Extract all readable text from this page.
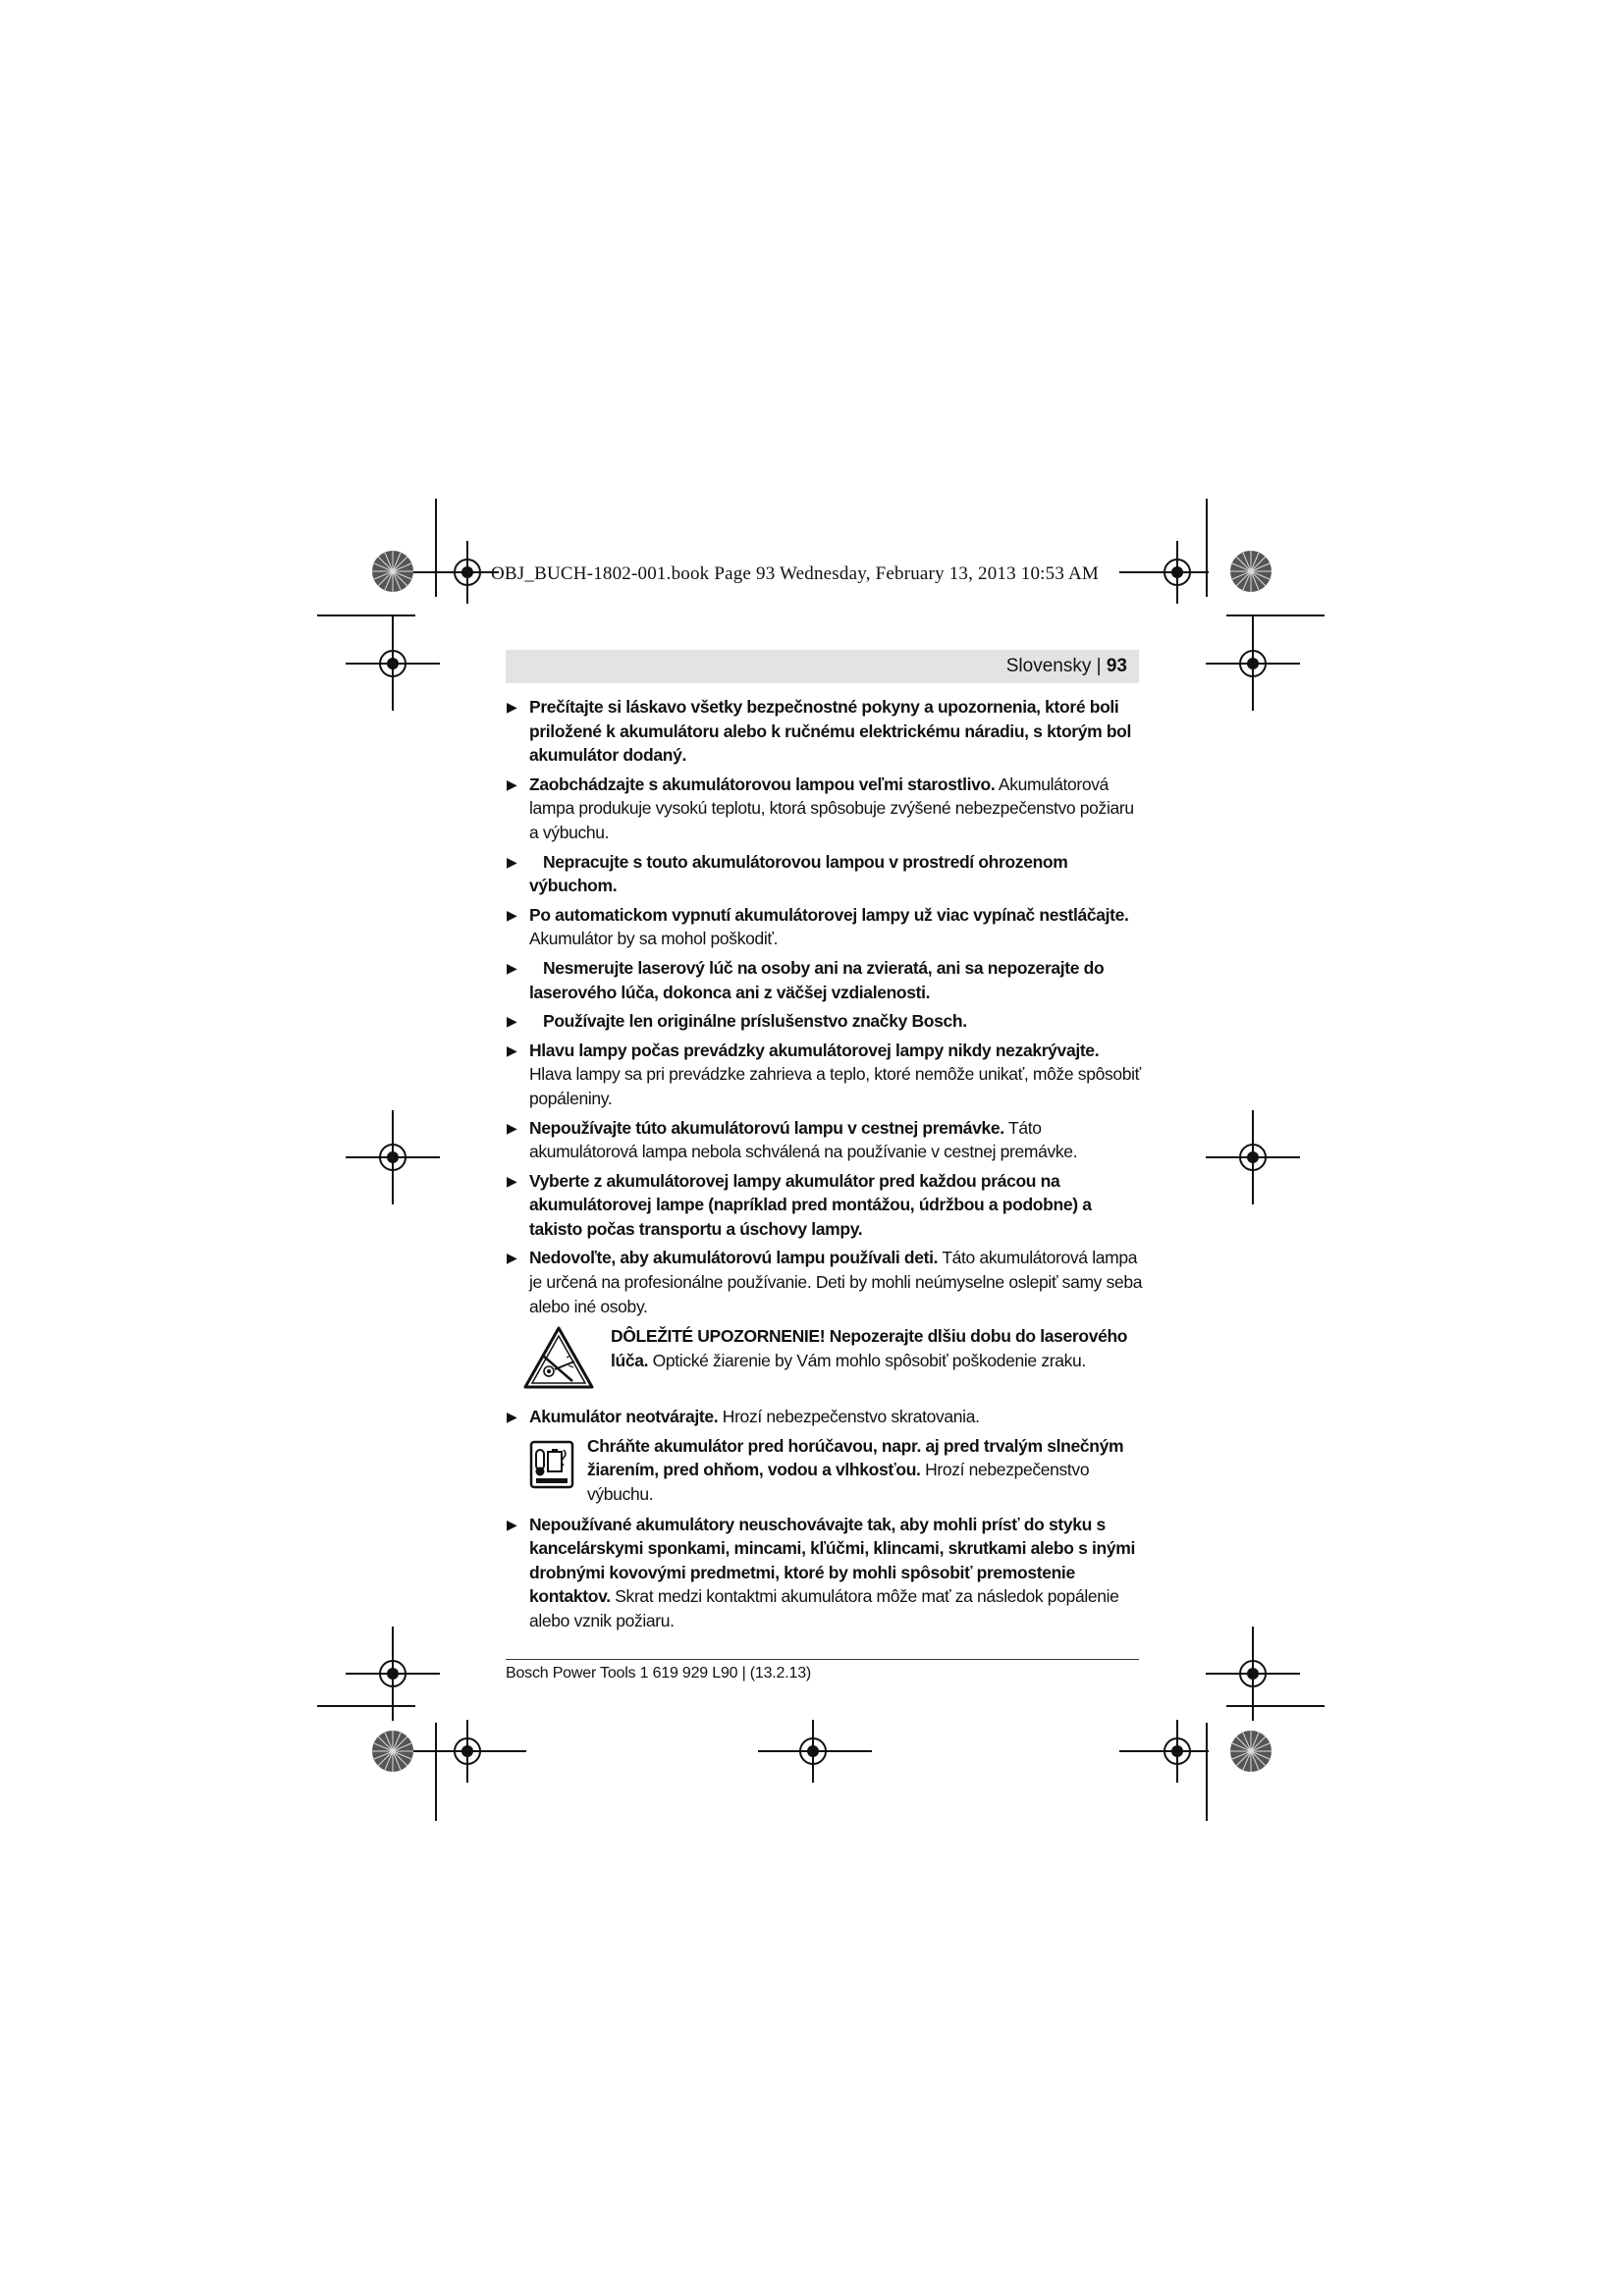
OBJ_BUCH-1802-001.book Page 93 Wednesday, February 13, 2013 10:53 AM
Slovensky | 93
▶ Prečítajte si láskavo všetky bezpečnostné pokyny a upozornenia, ktoré boli priložené k akumulátoru alebo k ručnému elektrickému náradiu, s ktorým bol akumulátor dodaný.
▶ Zaobchádzajte s akumulátorovou lampou veľmi starostlivo. Akumulátorová lampa produkuje vysokú teplotu, ktorá spôsobuje zvýšené nebezpečenstvo požiaru a výbuchu.
▶ Nepracujte s touto akumulátorovou lampou v prostredí ohrozenom výbuchom.
▶ Po automatickom vypnutí akumulátorovej lampy už viac vypínač nestláčajte. Akumulátor by sa mohol poškodiť.
▶ Nesmerujte laserový lúč na osoby ani na zvieratá, ani sa nepozerajte do laserového lúča, dokonca ani z väčšej vzdialenosti.
▶ Používajte len originálne príslušenstvo značky Bosch.
▶ Hlavu lampy počas prevádzky akumulátorovej lampy nikdy nezakrývajte. Hlava lampy sa pri prevádzke zahrieva a teplo, ktoré nemôže unikať, môže spôsobiť popáleniny.
▶ Nepoužívajte túto akumulátorovú lampu v cestnej premávke. Táto akumulátorová lampa nebola schválená na používanie v cestnej premávke.
▶ Vyberte z akumulátorovej lampy akumulátor pred každou prácou na akumulátorovej lampe (napríklad pred montážou, údržbou a podobne) a takisto počas transportu a úschovy lampy.
▶ Nedovoľte, aby akumulátorovú lampu používali deti. Táto akumulátorová lampa je určená na profesionálne používanie. Deti by mohli neúmyselne oslepiť samy seba alebo iné osoby.
DÔLEŽITÉ UPOZORNENIE! Nepozerajte dlšiu dobu do laserového lúča. Optické žiarenie by Vám mohlo spôsobiť poškodenie zraku.
▶ Akumulátor neotvárajte. Hrozí nebezpečenstvo skratovania.
Chráňte akumulátor pred horúčavou, napr. aj pred trvalým slnečným žiarením, pred ohňom, vodou a vlhkosťou. Hrozí nebezpečenstvo výbuchu.
▶ Nepoužívané akumulátory neuschovávajte tak, aby mohli prísť do styku s kancelárskymi sponkami, mincami, kľúčmi, klincami, skrutkami alebo s inými drobnými kovovými predmetmi, ktoré by mohli spôsobiť premostenie kontaktov. Skrat medzi kontaktmi akumulátora môže mať za následok popálenie alebo vznik požiaru.
Bosch Power Tools 1 619 929 L90 | (13.2.13)
